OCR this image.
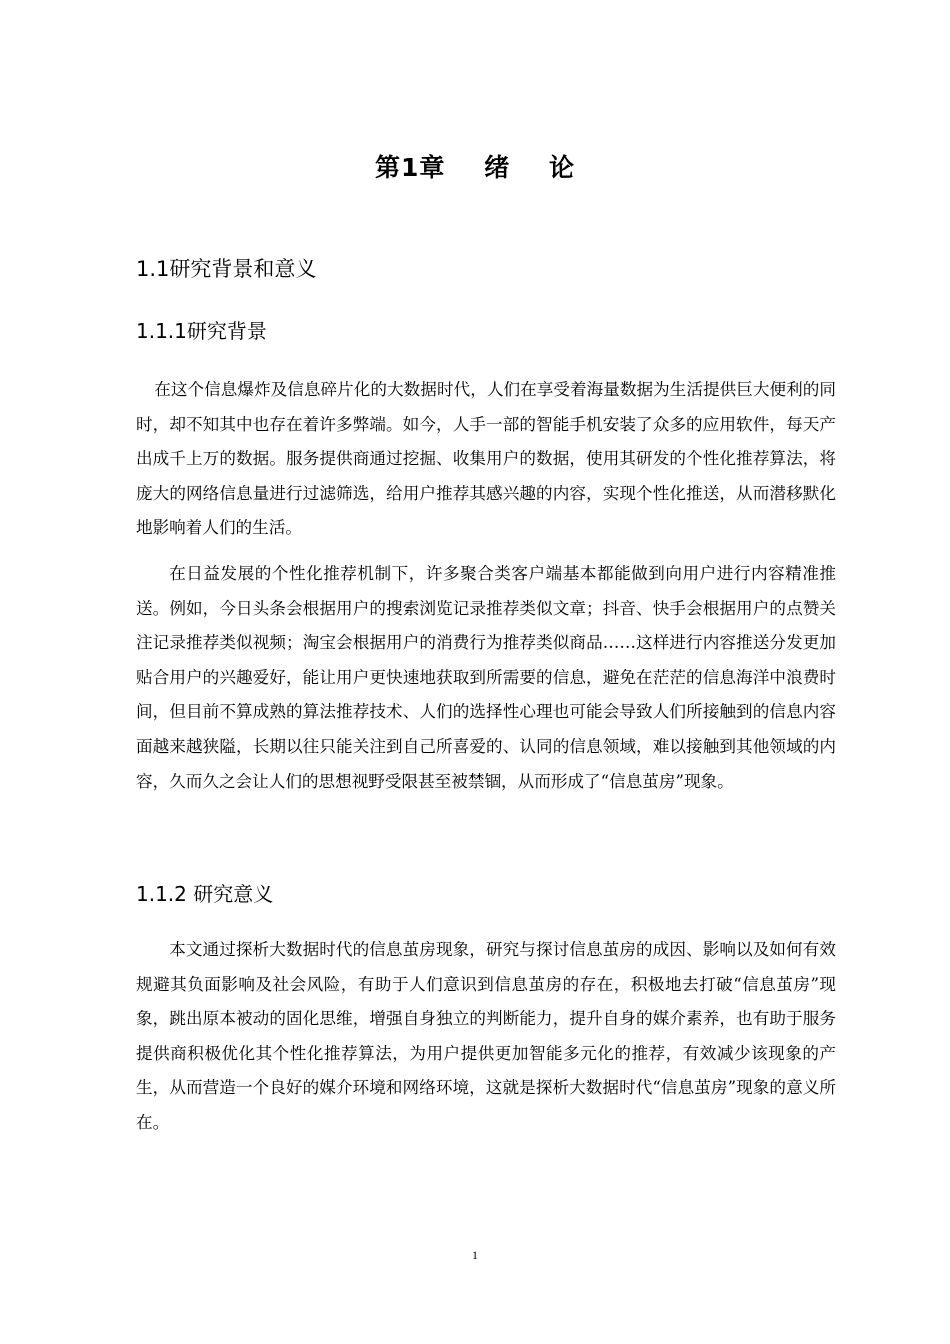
第1章    绪    论
1.1研究背景和意义
1.1.1研究背景

在这个信息爆炸及信息碎片化的大数据时代，人们在享受着海量数据为生活提供巨大便利的同时，却不知其中也存在着许多弊端。如今，人手一部的智能手机安装了众多的应用软件，每天产出成千上万的数据。服务提供商通过挖掘、收集用户的数据，使用其研发的个性化推荐算法，将庞大的网络信息量进行过滤筛选，给用户推荐其感兴趣的内容，实现个性化推送，从而潜移默化地影响着人们的生活。

在日益发展的个性化推荐机制下，许多聚合类客户端基本都能做到向用户进行内容精准推送。例如，今日头条会根据用户的搜索浏览记录推荐类似文章；抖音、快手会根据用户的点赞关注记录推荐类似视频；淘宝会根据用户的消费行为推荐类似商品……这样进行内容推送分发更加贴合用户的兴趣爱好，能让用户更快速地获取到所需要的信息，避免在茫茫的信息海洋中浪费时间，但目前不算成熟的算法推荐技术、人们的选择性心理也可能会导致人们所接触到的信息内容面越来越狭隘，长期以往只能关注到自己所喜爱的、认同的信息领域，难以接触到其他领域的内容，久而久之会让人们的思想视野受限甚至被禁锢，从而形成了“信息茧房”现象。

1.1.2 研究意义

本文通过探析大数据时代的信息茧房现象，研究与探讨信息茧房的成因、影响以及如何有效规避其负面影响及社会风险，有助于人们意识到信息茧房的存在，积极地去打破“信息茧房”现象，跳出原本被动的固化思维，增强自身独立的判断能力，提升自身的媒介素养，也有助于服务提供商积极优化其个性化推荐算法，为用户提供更加智能多元化的推荐，有效减少该现象的产生，从而营造一个良好的媒介环境和网络环境，这就是探析大数据时代“信息茧房”现象的意义所在。

1
